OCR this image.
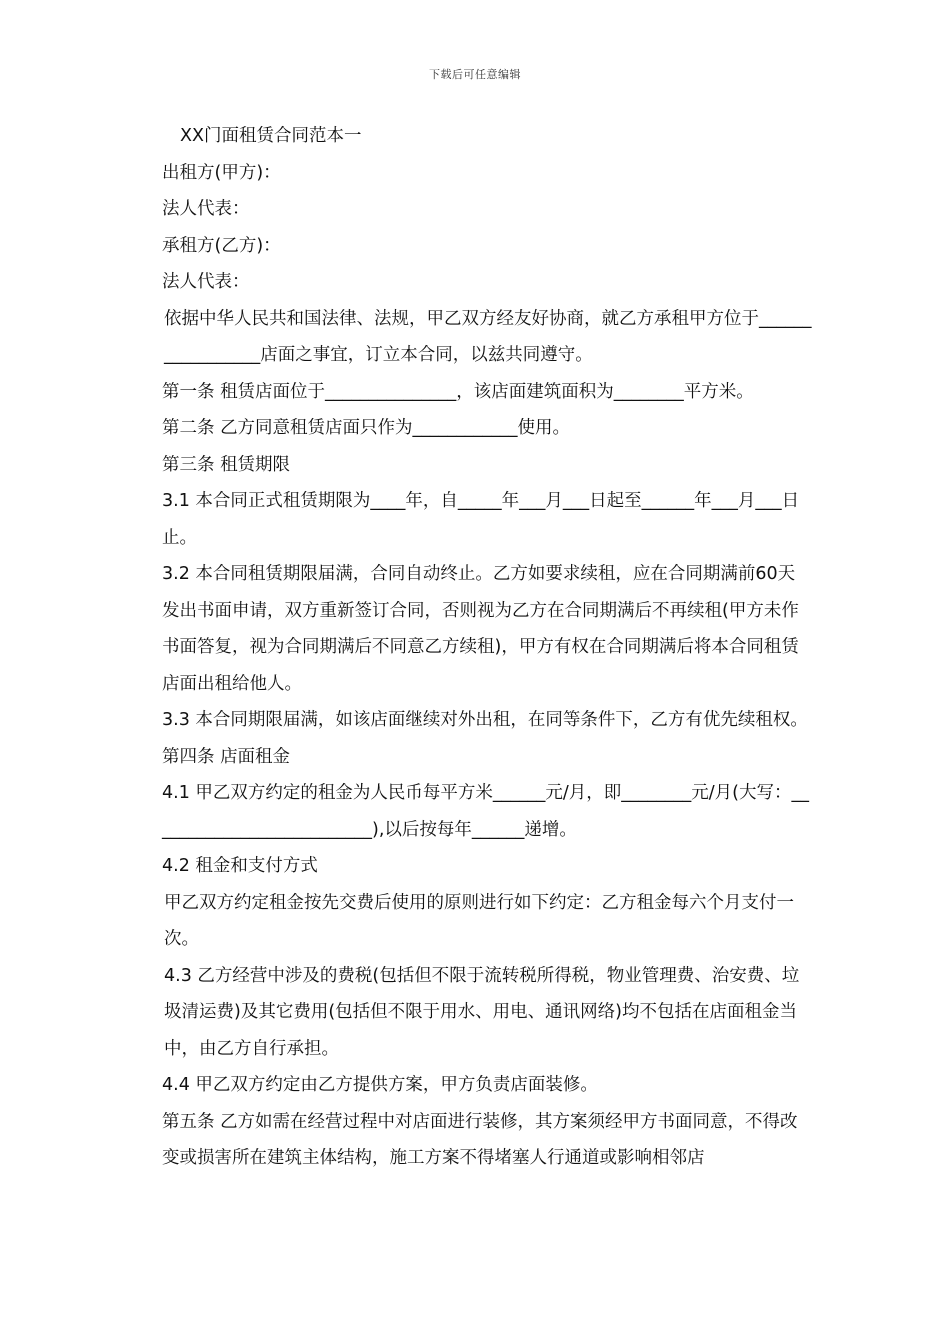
下载后可任意编辑
XX门面租赁合同范本一
出租方(甲方)：
法人代表：
承租方(乙方)：
法人代表：
依据中华人民共和国法律、法规，甲乙双方经友好协商，就乙方承租甲方位于_________________店面之事宜，订立本合同，以兹共同遵守。
第一条 租赁店面位于_______________，该店面建筑面积为________平方米。
第二条 乙方同意租赁店面只作为____________使用。
第三条 租赁期限
3.1 本合同正式租赁期限为____年，自_____年___月___日起至______年___月___日止。
3.2 本合同租赁期限届满，合同自动终止。乙方如要求续租，应在合同期满前60天发出书面申请，双方重新签订合同，否则视为乙方在合同期满后不再续租(甲方未作书面答复，视为合同期满后不同意乙方续租)，甲方有权在合同期满后将本合同租赁店面出租给他人。
3.3 本合同期限届满，如该店面继续对外出租，在同等条件下，乙方有优先续租权。
第四条 店面租金
4.1 甲乙双方约定的租金为人民币每平方米______元/月，即________元/月(大写：__________________________),以后按每年______递增。
4.2 租金和支付方式
甲乙双方约定租金按先交费后使用的原则进行如下约定：乙方租金每六个月支付一次。
4.3 乙方经营中涉及的费税(包括但不限于流转税所得税，物业管理费、治安费、垃圾清运费)及其它费用(包括但不限于用水、用电、通讯网络)均不包括在店面租金当中，由乙方自行承担。
4.4 甲乙双方约定由乙方提供方案，甲方负责店面装修。
第五条 乙方如需在经营过程中对店面进行装修，其方案须经甲方书面同意，不得改变或损害所在建筑主体结构，施工方案不得堵塞人行通道或影响相邻店
